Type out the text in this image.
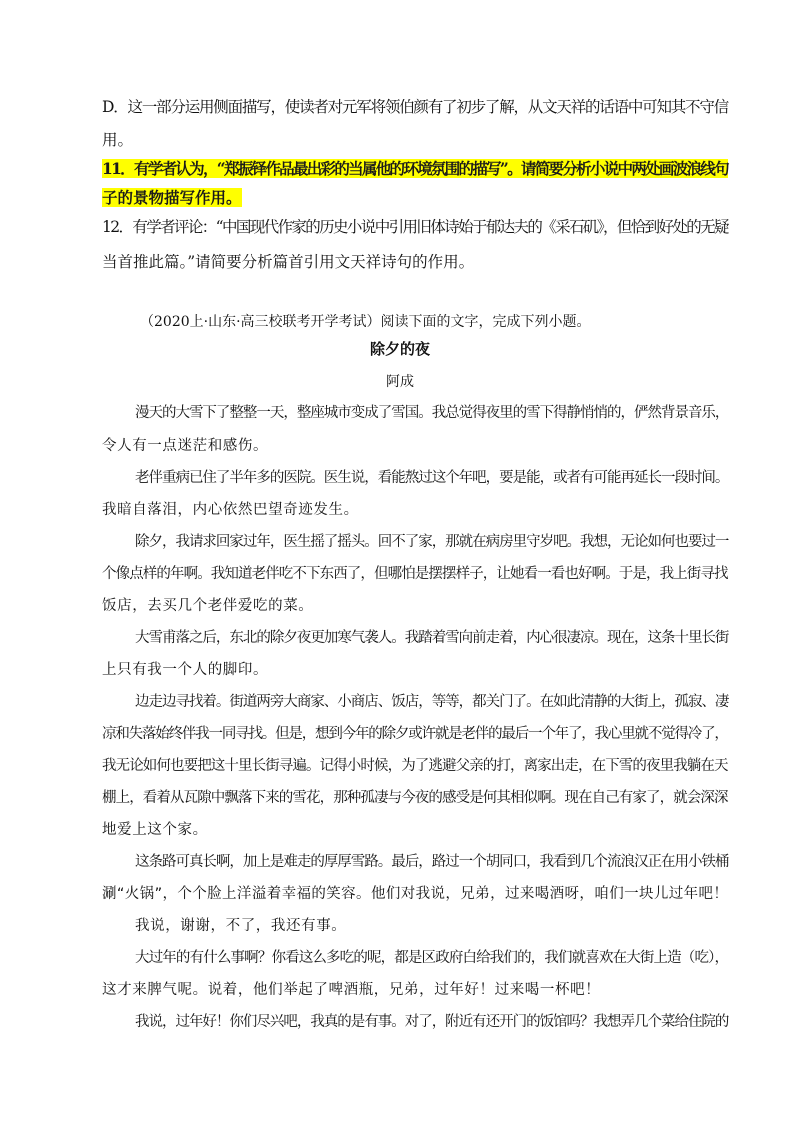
D．这一部分运用侧面描写，使读者对元军将领伯颜有了初步了解，从文天祥的话语中可知其不守信
用。
11．有学者认为，“郑振铎作品最出彩的当属他的环境氛围的描写”。请简要分析小说中两处画波浪线句
子的景物描写作用。
12．有学者评论：“中国现代作家的历史小说中引用旧体诗始于郁达夫的《采石矶》，但恰到好处的无疑
当首推此篇。”请简要分析篇首引用文天祥诗句的作用。
（2020上·山东·高三校联考开学考试）阅读下面的文字，完成下列小题。
除夕的夜
阿成
漫天的大雪下了整整一天，整座城市变成了雪国。我总觉得夜里的雪下得静悄悄的，俨然背景音乐，
令人有一点迷茫和感伤。
老伴重病已住了半年多的医院。医生说，看能熬过这个年吧，要是能，或者有可能再延长一段时间。
我暗自落泪，内心依然巴望奇迹发生。
除夕，我请求回家过年，医生摇了摇头。回不了家，那就在病房里守岁吧。我想，无论如何也要过一
个像点样的年啊。我知道老伴吃不下东西了，但哪怕是摆摆样子，让她看一看也好啊。于是，我上街寻找
饭店，去买几个老伴爱吃的菜。
大雪甫落之后，东北的除夕夜更加寒气袭人。我踏着雪向前走着，内心很凄凉。现在，这条十里长街
上只有我一个人的脚印。
边走边寻找着。街道两旁大商家、小商店、饭店，等等，都关门了。在如此清静的大街上，孤寂、凄
凉和失落始终伴我一同寻找。但是，想到今年的除夕或许就是老伴的最后一个年了，我心里就不觉得冷了，
我无论如何也要把这十里长街寻遍。记得小时候，为了逃避父亲的打，离家出走，在下雪的夜里我躺在天
棚上，看着从瓦隙中飘落下来的雪花，那种孤凄与今夜的感受是何其相似啊。现在自己有家了，就会深深
地爱上这个家。
这条路可真长啊，加上是难走的厚厚雪路。最后，路过一个胡同口，我看到几个流浪汉正在用小铁桶
涮“火锅”，个个脸上洋溢着幸福的笑容。他们对我说，兄弟，过来喝酒呀，咱们一块儿过年吧！
我说，谢谢，不了，我还有事。
大过年的有什么事啊？你看这么多吃的呢，都是区政府白给我们的，我们就喜欢在大街上造（吃），
这才来脾气呢。说着，他们举起了啤酒瓶，兄弟，过年好！过来喝一杯吧！
我说，过年好！你们尽兴吧，我真的是有事。对了，附近有还开门的饭馆吗？我想弄几个菜给住院的
